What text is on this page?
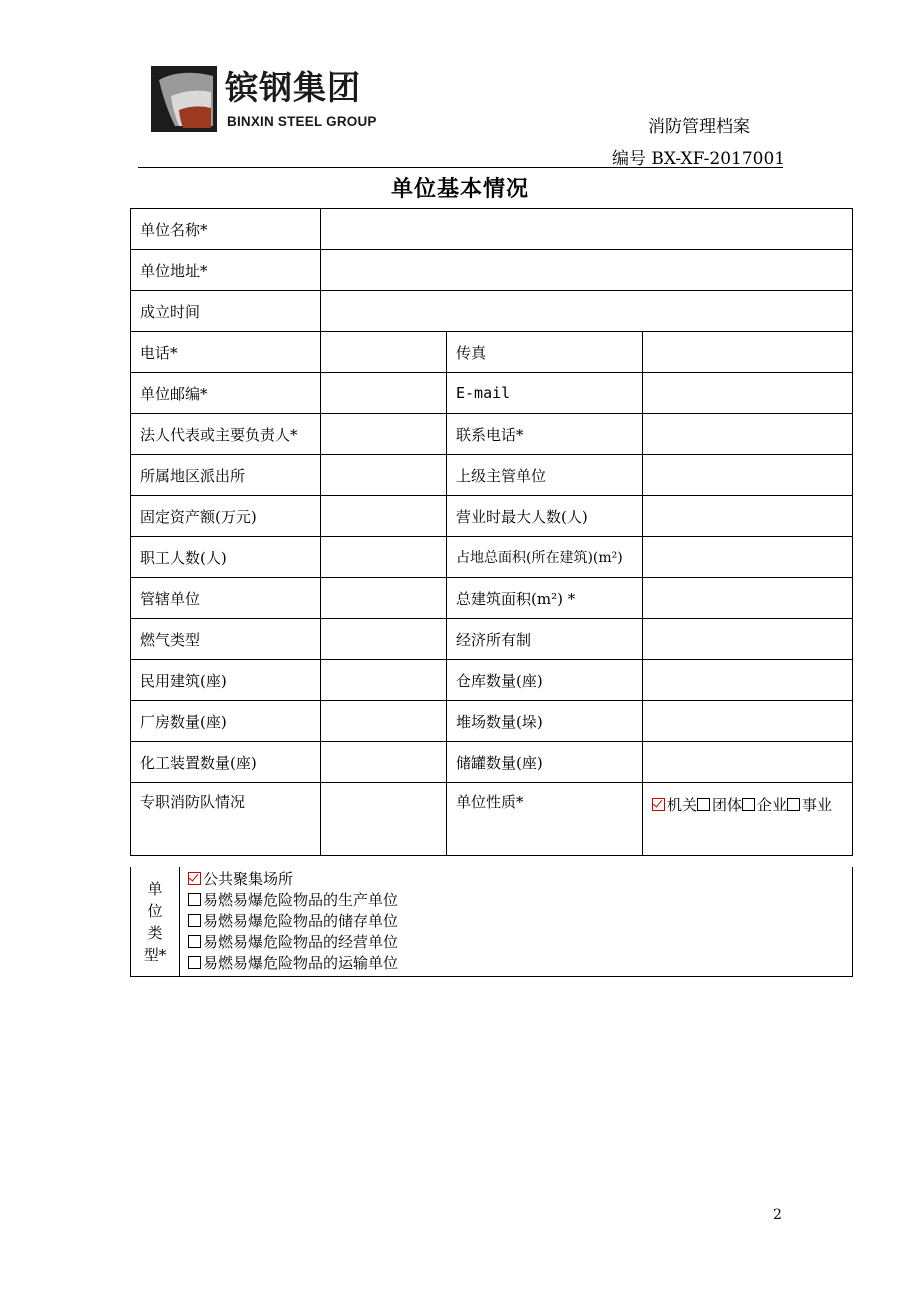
镔钢集团
BINXIN STEEL GROUP	消防管理档案
编号 BX-XF-2017001
单位基本情况
单位名称*			
单位地址*			
成立时间			
电话*		传真	
单位邮编*		E-mail	
法人代表或主要负责人*		联系电话*	
所属地区派出所		上级主管单位	
固定资产额(万元)		营业时最大人数(人)	
职工人数(人)		占地总面积(所在建筑)(m²)	
管辖单位		总建筑面积(m²) *	
燃气类型		经济所有制	
民用建筑(座)		仓库数量(座)	
厂房数量(座)		堆场数量(垛)	
化工装置数量(座)		储罐数量(座)	
专职消防队情况		单位性质*	机关 团体 企业 事业
单
位
类
型*

公共聚集场所
易燃易爆危险物品的生产单位
易燃易爆危险物品的储存单位
易燃易爆危险物品的经营单位
易燃易爆危险物品的运输单位
2
